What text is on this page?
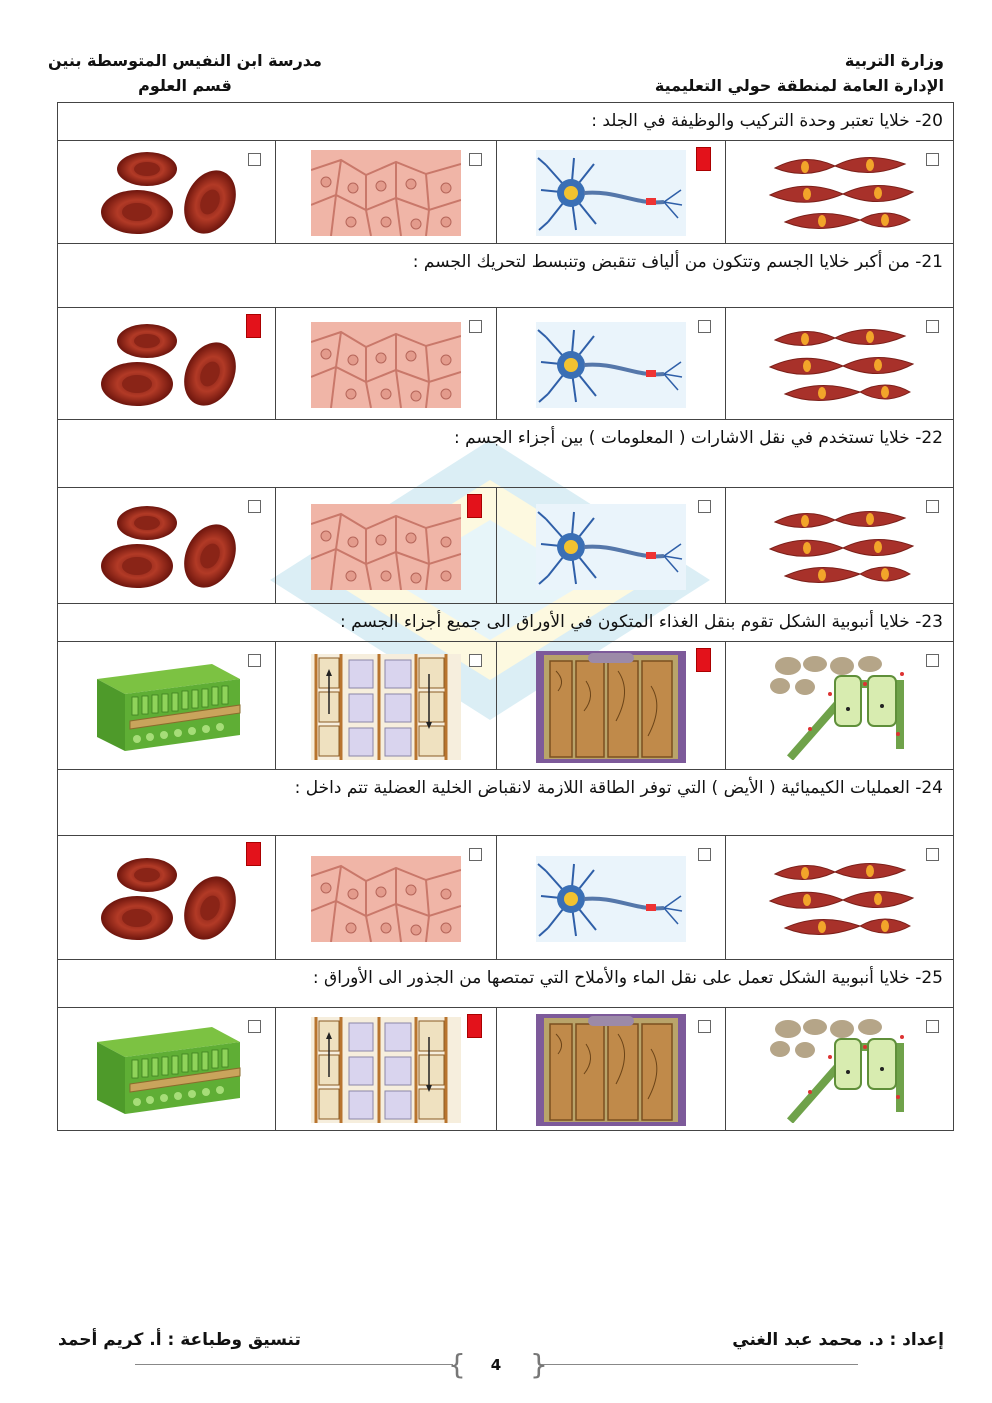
وزارة التربية
الإدارة العامة لمنطقة حولي التعليمية
مدرسة ابن النفيس المتوسطة بنين
قسم العلوم
20- خلايا تعتبر وحدة التركيب والوظيفة في الجلد :			

21- من أكبر خلايا الجسم وتتكون من ألياف تنقبض وتنبسط لتحريك الجسم :			

22- خلايا تستخدم في نقل الاشارات ( المعلومات ) بين أجزاء الجسم :			

23- خلايا أنبوبية الشكل تقوم بنقل الغذاء المتكون في الأوراق الى جميع أجزاء الجسم :			

24- العمليات الكيميائية ( الأيض ) التي توفر الطاقة اللازمة لانقباض الخلية العضلية تتم داخل :			

25- خلايا أنبوبية الشكل تعمل على نقل الماء والأملاح التي تمتصها من الجذور الى الأوراق :			

إعداد : د. محمد عبد الغني
تنسيق وطباعة : أ. كريم أحمد
{ }
4
